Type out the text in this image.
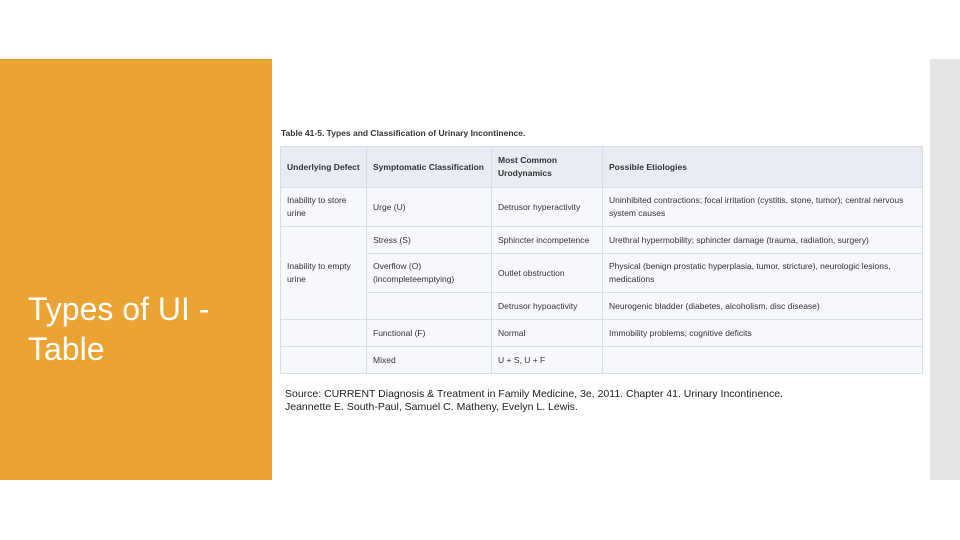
Types of UI - Table
Table 41-5. Types and Classification of Urinary Incontinence.
Underlying Defect	Symptomatic Classification	Most Common Urodynamics	Possible Etiologies
Inability to store urine	Urge (U)	Detrusor hyperactivity	Uninhibited contractions; focal irritation (cystitis, stone, tumor); central nervous system causes
Inability to empty urine	Stress (S)	Sphincter incompetence	Urethral hypermobility; sphincter damage (trauma, radiation, surgery)
	Overflow (O) (incompleteemptying)	Outlet obstruction	Physical (benign prostatic hyperplasia, tumor, stricture), neurologic lesions, medications
		Detrusor hypoactivity	Neurogenic bladder (diabetes, alcoholism, disc disease)
	Functional (F)	Normal	Immobility problems; cognitive deficits
	Mixed	U + S, U + F	
Source: CURRENT Diagnosis & Treatment in Family Medicine, 3e, 2011. Chapter 41. Urinary Incontinence.
Jeannette E. South-Paul, Samuel C. Matheny, Evelyn L. Lewis.
